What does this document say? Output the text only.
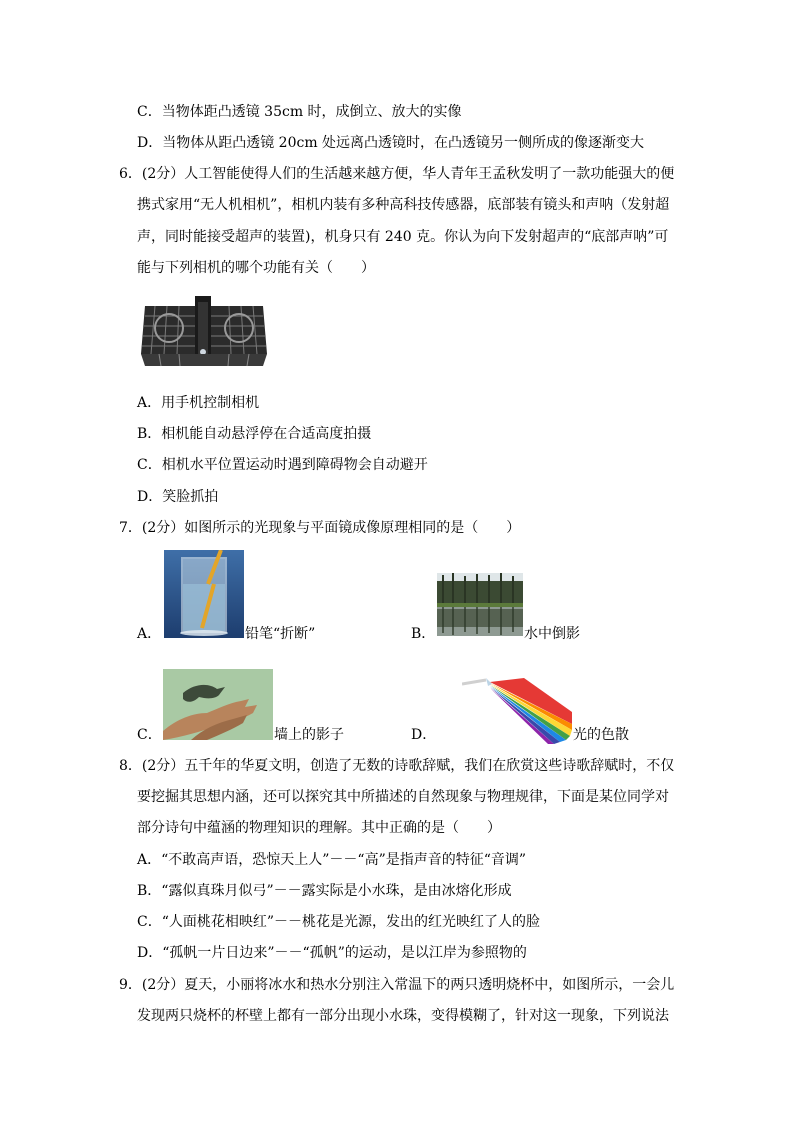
C．当物体距凸透镜 35cm 时，成倒立、放大的实像
D．当物体从距凸透镜 20cm 处远离凸透镜时，在凸透镜另一侧所成的像逐渐变大
6．(2分）人工智能使得人们的生活越来越方便，华人青年王孟秋发明了一款功能强大的便
携式家用“无人机相机”，相机内装有多种高科技传感器，底部装有镜头和声呐（发射超
声，同时能接受超声的装置)，机身只有 240 克。你认为向下发射超声的“底部声呐”可
能与下列相机的哪个功能有关（　　）
A．用手机控制相机
B．相机能自动悬浮停在合适高度拍摄
C．相机水平位置运动时遇到障碍物会自动避开
D．笑脸抓拍
7．(2分）如图所示的光现象与平面镜成像原理相同的是（　　）
A．	铅笔“折断”	B．	水中倒影
C．	墙上的影子	D．	光的色散
8．(2分）五千年的华夏文明，创造了无数的诗歌辞赋，我们在欣赏这些诗歌辞赋时，不仅
要挖掘其思想内涵，还可以探究其中所描述的自然现象与物理规律，下面是某位同学对
部分诗句中蕴涵的物理知识的理解。其中正确的是（　　）
A．“不敢高声语，恐惊天上人”－－“高”是指声音的特征“音调”
B．“露似真珠月似弓”－－露实际是小水珠，是由冰熔化形成
C．“人面桃花相映红”－－桃花是光源，发出的红光映红了人的脸
D．“孤帆一片日边来”－－“孤帆”的运动，是以江岸为参照物的
9．(2分）夏天，小丽将冰水和热水分别注入常温下的两只透明烧杯中，如图所示，一会儿
发现两只烧杯的杯壁上都有一部分出现小水珠，变得模糊了，针对这一现象，下列说法
